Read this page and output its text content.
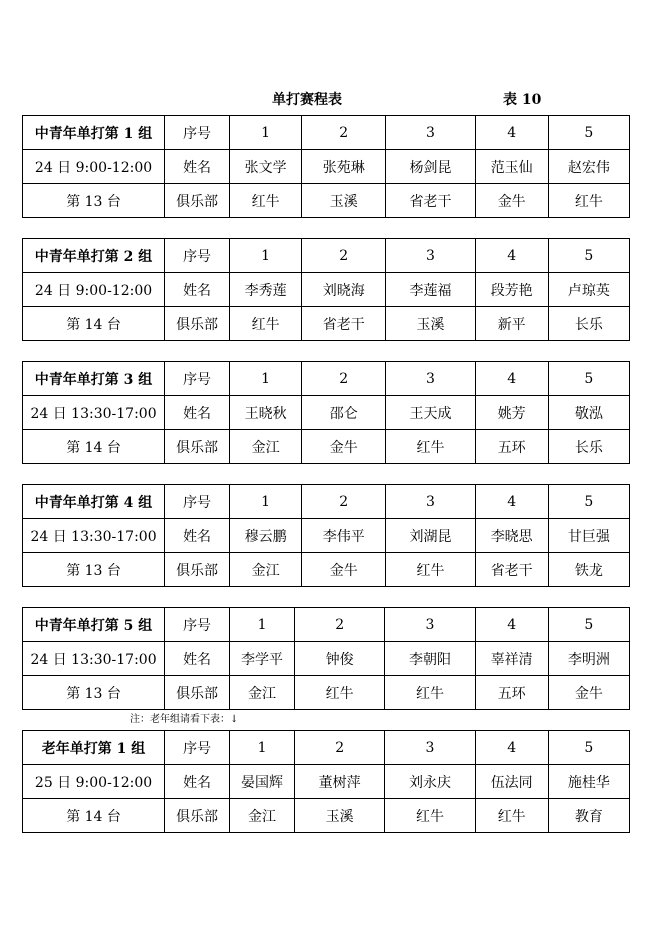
单打赛程表	表 10
中青年单打第 1 组	序号	1	2	3	4	5
24 日 9:00-12:00	姓名	张文学	张苑琳	杨剑昆	范玉仙	赵宏伟
第 13 台	俱乐部	红牛	玉溪	省老干	金牛	红牛
中青年单打第 2 组	序号	1	2	3	4	5
24 日 9:00-12:00	姓名	李秀莲	刘晓海	李莲福	段芳艳	卢琼英
第 14 台	俱乐部	红牛	省老干	玉溪	新平	长乐
中青年单打第 3 组	序号	1	2	3	4	5
24 日 13:30-17:00	姓名	王晓秋	邵仑	王天成	姚芳	敬泓
第 14 台	俱乐部	金江	金牛	红牛	五环	长乐
中青年单打第 4 组	序号	1	2	3	4	5
24 日 13:30-17:00	姓名	穆云鹏	李伟平	刘湖昆	李晓思	甘巨强
第 13 台	俱乐部	金江	金牛	红牛	省老干	铁龙
中青年单打第 5 组	序号	1	2	3	4	5
24 日 13:30-17:00	姓名	李学平	钟俊	李朝阳	辜祥清	李明洲
第 13 台	俱乐部	金江	红牛	红牛	五环	金牛
老年单打第 1 组	序号	1	2	3	4	5
25 日 9:00-12:00	姓名	晏国辉	董树萍	刘永庆	伍法同	施桂华
第 14 台	俱乐部	金江	玉溪	红牛	红牛	教育
注：老年组请看下表：↓
